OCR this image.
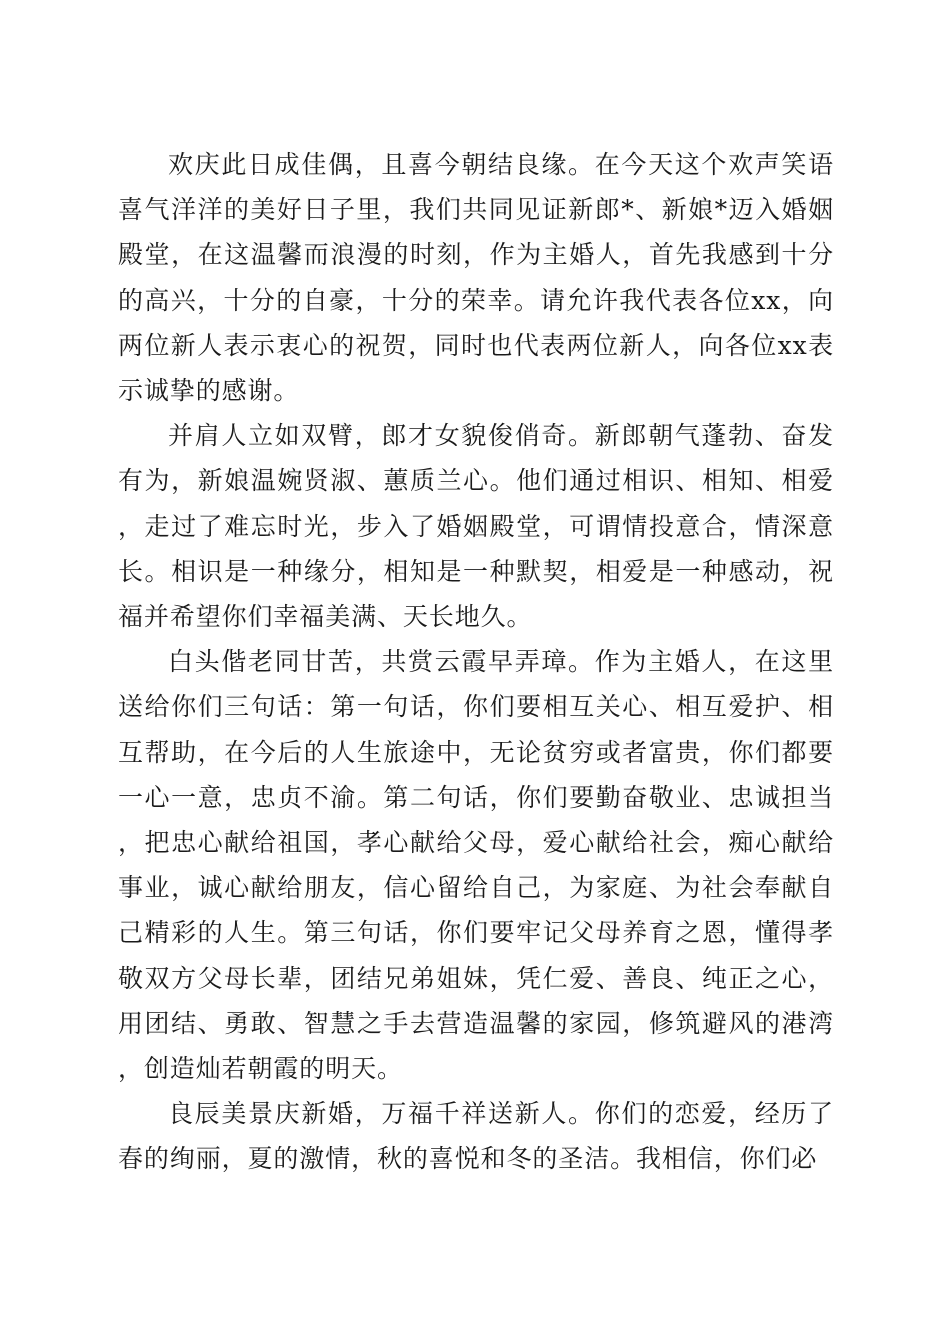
欢庆此日成佳偶，且喜今朝结良缘。在今天这个欢声笑语喜气洋洋的美好日子里，我们共同见证新郎*、新娘*迈入婚姻殿堂，在这温馨而浪漫的时刻，作为主婚人，首先我感到十分的高兴，十分的自豪，十分的荣幸。请允许我代表各位xx，向两位新人表示衷心的祝贺，同时也代表两位新人，向各位xx表示诚挚的感谢。

并肩人立如双臂，郎才女貌俊俏奇。新郎朝气蓬勃、奋发有为，新娘温婉贤淑、蕙质兰心。他们通过相识、相知、相爱，走过了难忘时光，步入了婚姻殿堂，可谓情投意合，情深意长。相识是一种缘分，相知是一种默契，相爱是一种感动，祝福并希望你们幸福美满、天长地久。

白头偕老同甘苦，共赏云霞早弄璋。作为主婚人，在这里送给你们三句话：第一句话，你们要相互关心、相互爱护、相互帮助，在今后的人生旅途中，无论贫穷或者富贵，你们都要一心一意，忠贞不渝。第二句话，你们要勤奋敬业、忠诚担当，把忠心献给祖国，孝心献给父母，爱心献给社会，痴心献给事业，诚心献给朋友，信心留给自己，为家庭、为社会奉献自己精彩的人生。第三句话，你们要牢记父母养育之恩，懂得孝敬双方父母长辈，团结兄弟姐妹，凭仁爱、善良、纯正之心，用团结、勇敢、智慧之手去营造温馨的家园，修筑避风的港湾，创造灿若朝霞的明天。

良辰美景庆新婚，万福千祥送新人。你们的恋爱，经历了春的绚丽，夏的激情，秋的喜悦和冬的圣洁。我相信，你们必
